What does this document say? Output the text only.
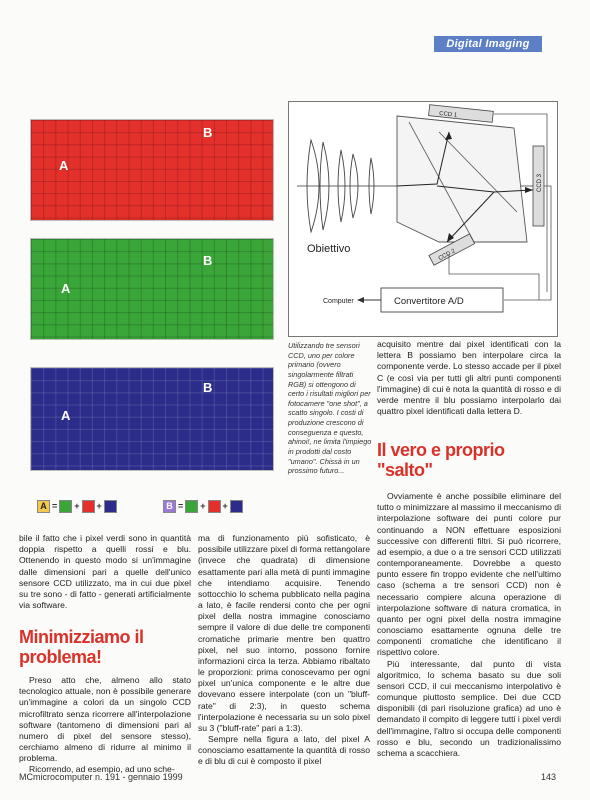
Digital Imaging
A
B
A
B
A
B
A = + +	B = + +
CCD 1
CCD 2
CCD 3
Obiettivo
Convertitore A/D
Computer
Utilizzando tre sensori CCD, uno per colore primario (ovvero singolarmente filtrati RGB) si ottengono di certo i risultati migliori per fotocamere "one shot", a scatto singolo. I costi di produzione crescono di conseguenza e questo, ahinoi!, ne limita l'impiego in prodotti dal costo "umano". Chissà in un prossimo futuro...

bile il fatto che i pixel verdi sono in quantità doppia rispetto a quelli rossi e blu. Ottenendo in questo modo si un'immagine dalle dimensioni pari a quelle dell'unico sensore CCD utilizzato, ma in cui due pixel su tre sono - di fatto - generati artificialmente via software.

Minimizziamo il problema!

Preso atto che, almeno allo stato tecnologico attuale, non è possibile generare un'immagine a colori da un singolo CCD microfiltrato senza ricorrere all'interpolazione software (tantomeno di dimensioni pari al numero di pixel del sensore stesso), cerchiamo almeno di ridurre al minimo il problema.

Ricorrendo, ad esempio, ad uno sche-

ma di funzionamento più sofisticato, è possibile utilizzare pixel di forma rettangolare (invece che quadrata) di dimensione esattamente pari alla metà di punti immagine che intendiamo acquisire. Tenendo sottocchio lo schema pubblicato nella pagina a lato, è facile rendersi conto che per ogni pixel della nostra immagine conosciamo sempre il valore di due delle tre componenti cromatiche primarie mentre ben quattro pixel, nel suo intorno, possono fornire informazioni circa la terza. Abbiamo ribaltato le proporzioni: prima conoscevamo per ogni pixel un'unica componente e le altre due dovevano essere interpolate (con un "bluff-rate" di 2:3), in questo schema l'interpolazione è necessaria su un solo pixel su 3 ("bluff-rate" pari a 1:3).

Sempre nella figura a lato, del pixel A conosciamo esattamente la quantità di rosso e di blu di cui è composto il pixel

acquisito mentre dai pixel identificati con la lettera B possiamo ben interpolare circa la componente verde. Lo stesso accade per il pixel C (e così via per tutti gli altri punti componenti l'immagine) di cui è nota la quantità di rosso e di verde mentre il blu possiamo interpolarlo dai quattro pixel identificati dalla lettera D.

Il vero e proprio "salto"

Ovviamente è anche possibile eliminare del tutto o minimizzare al massimo il meccanismo di interpolazione software dei punti colore pur continuando a NON effettuare esposizioni successive con differenti filtri. Si può ricorrere, ad esempio, a due o a tre sensori CCD utilizzati contemporaneamente. Dovrebbe a questo punto essere fin troppo evidente che nell'ultimo caso (schema a tre sensori CCD) non è necessario compiere alcuna operazione di interpolazione software di natura cromatica, in quanto per ogni pixel della nostra immagine conosciamo esattamente ognuna delle tre componenti cromatiche che identificano il rispettivo colore.

Più interessante, dal punto di vista algoritmico, lo schema basato su due soli sensori CCD, il cui meccanismo interpolativo è comunque piuttosto semplice. Dei due CCD disponibili (di pari risoluzione grafica) ad uno è demandato il compito di leggere tutti i pixel verdi dell'immagine, l'altro si occupa delle componenti rosso e blu, secondo un tradizionalissimo schema a scacchiera.

MCmicrocomputer n. 191 - gennaio 1999	143
